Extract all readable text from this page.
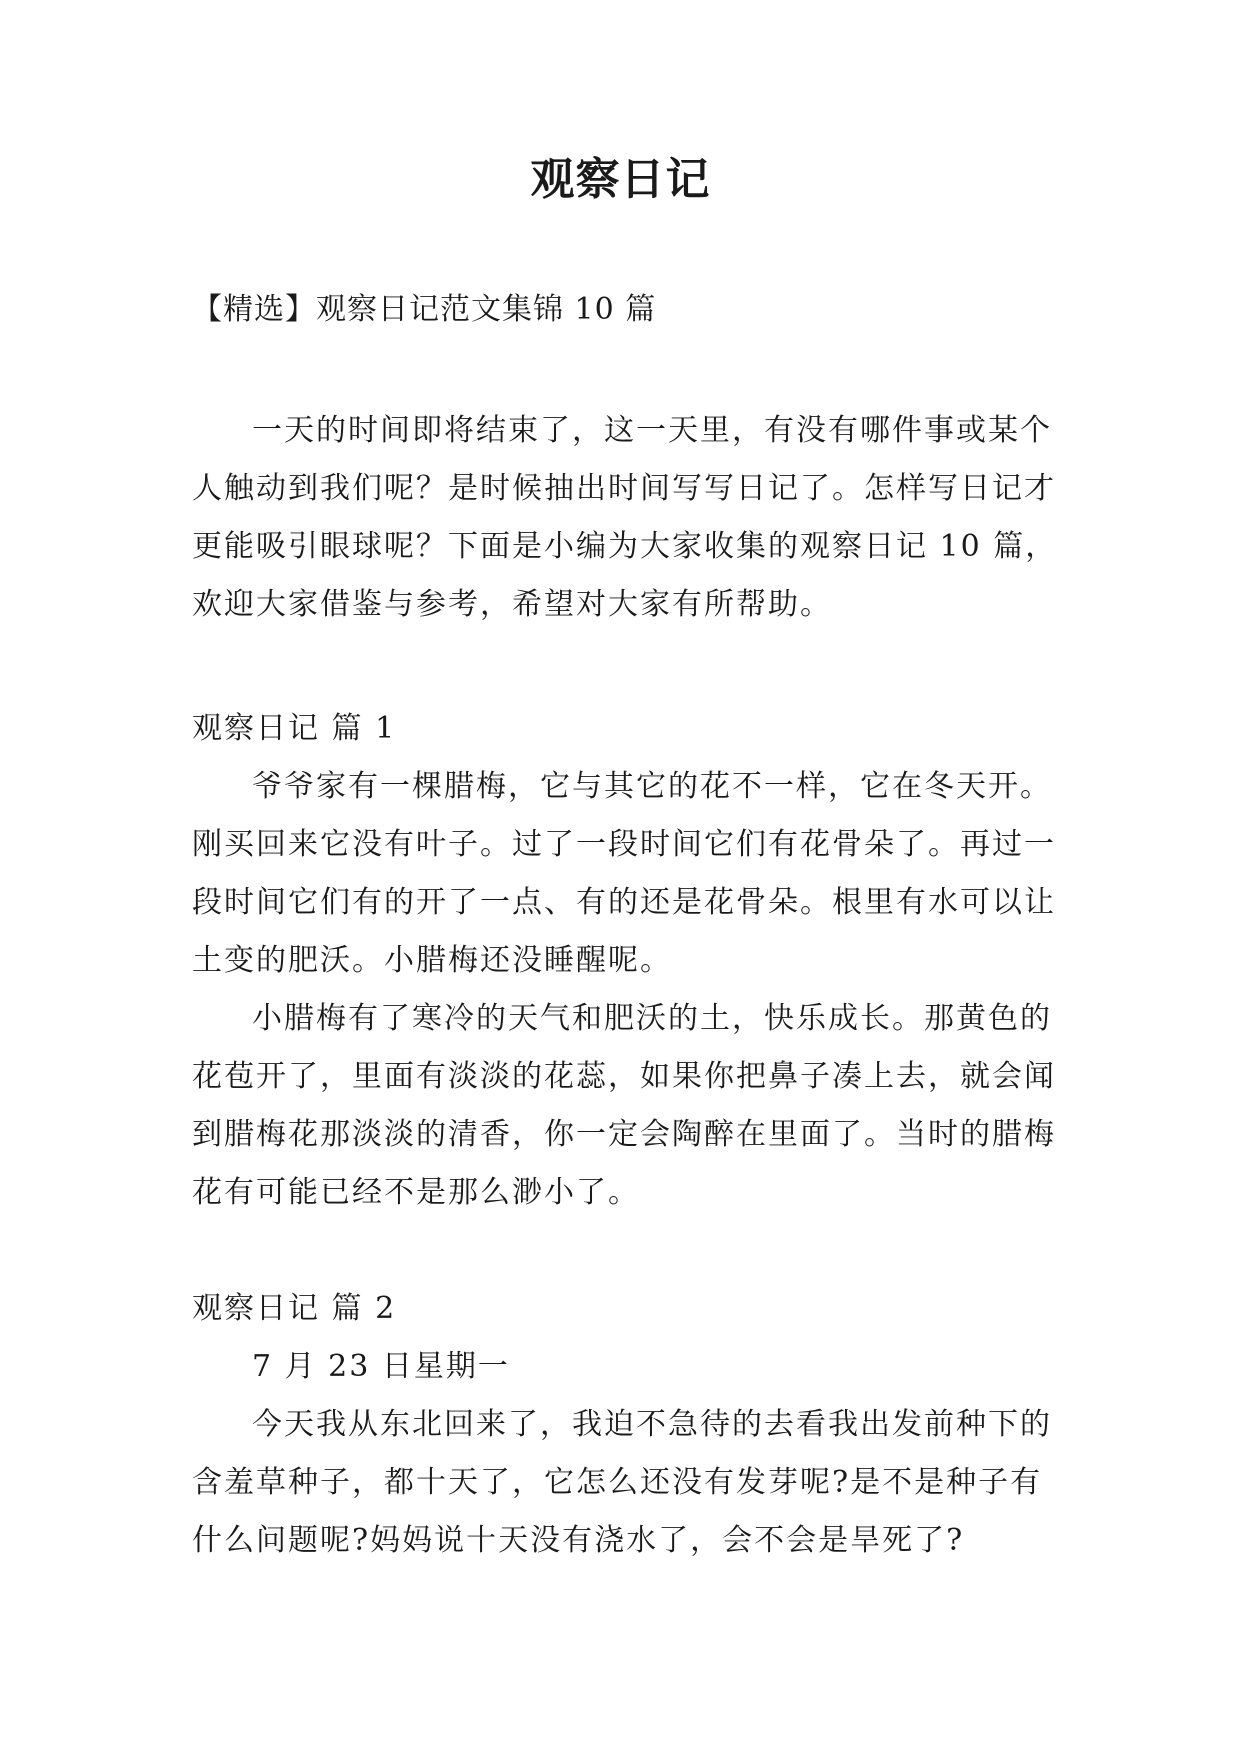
观察日记
【精选】观察日记范文集锦 10 篇

一天的时间即将结束了，这一天里，有没有哪件事或某个人触动到我们呢？是时候抽出时间写写日记了。怎样写日记才更能吸引眼球呢？下面是小编为大家收集的观察日记 10 篇，欢迎大家借鉴与参考，希望对大家有所帮助。

观察日记 篇 1

爷爷家有一棵腊梅，它与其它的花不一样，它在冬天开。刚买回来它没有叶子。过了一段时间它们有花骨朵了。再过一段时间它们有的开了一点、有的还是花骨朵。根里有水可以让土变的肥沃。小腊梅还没睡醒呢。

小腊梅有了寒冷的天气和肥沃的土，快乐成长。那黄色的花苞开了，里面有淡淡的花蕊，如果你把鼻子凑上去，就会闻到腊梅花那淡淡的清香，你一定会陶醉在里面了。当时的腊梅花有可能已经不是那么渺小了。

观察日记 篇 2

7 月 23 日星期一

今天我从东北回来了，我迫不急待的去看我出发前种下的含羞草种子，都十天了，它怎么还没有发芽呢?是不是种子有什么问题呢?妈妈说十天没有浇水了，会不会是旱死了?
